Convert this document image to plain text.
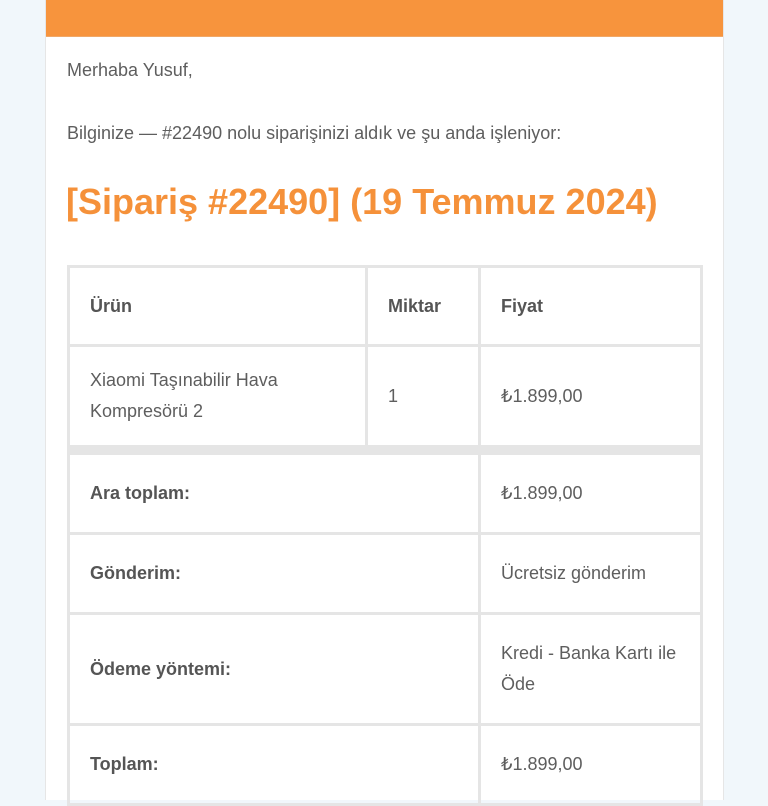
Merhaba Yusuf,

Bilginize — #22490 nolu siparişinizi aldık ve şu anda işleniyor:

[Sipariş #22490] (19 Temmuz 2024)
Ürün	Miktar	Fiyat
Xiaomi Taşınabilir Hava Kompresörü 2	1	₺1.899,00
Ara toplam:		₺1.899,00
Gönderim:		Ücretsiz gönderim
Ödeme yöntemi:		Kredi - Banka Kartı ile Öde
Toplam:		₺1.899,00
